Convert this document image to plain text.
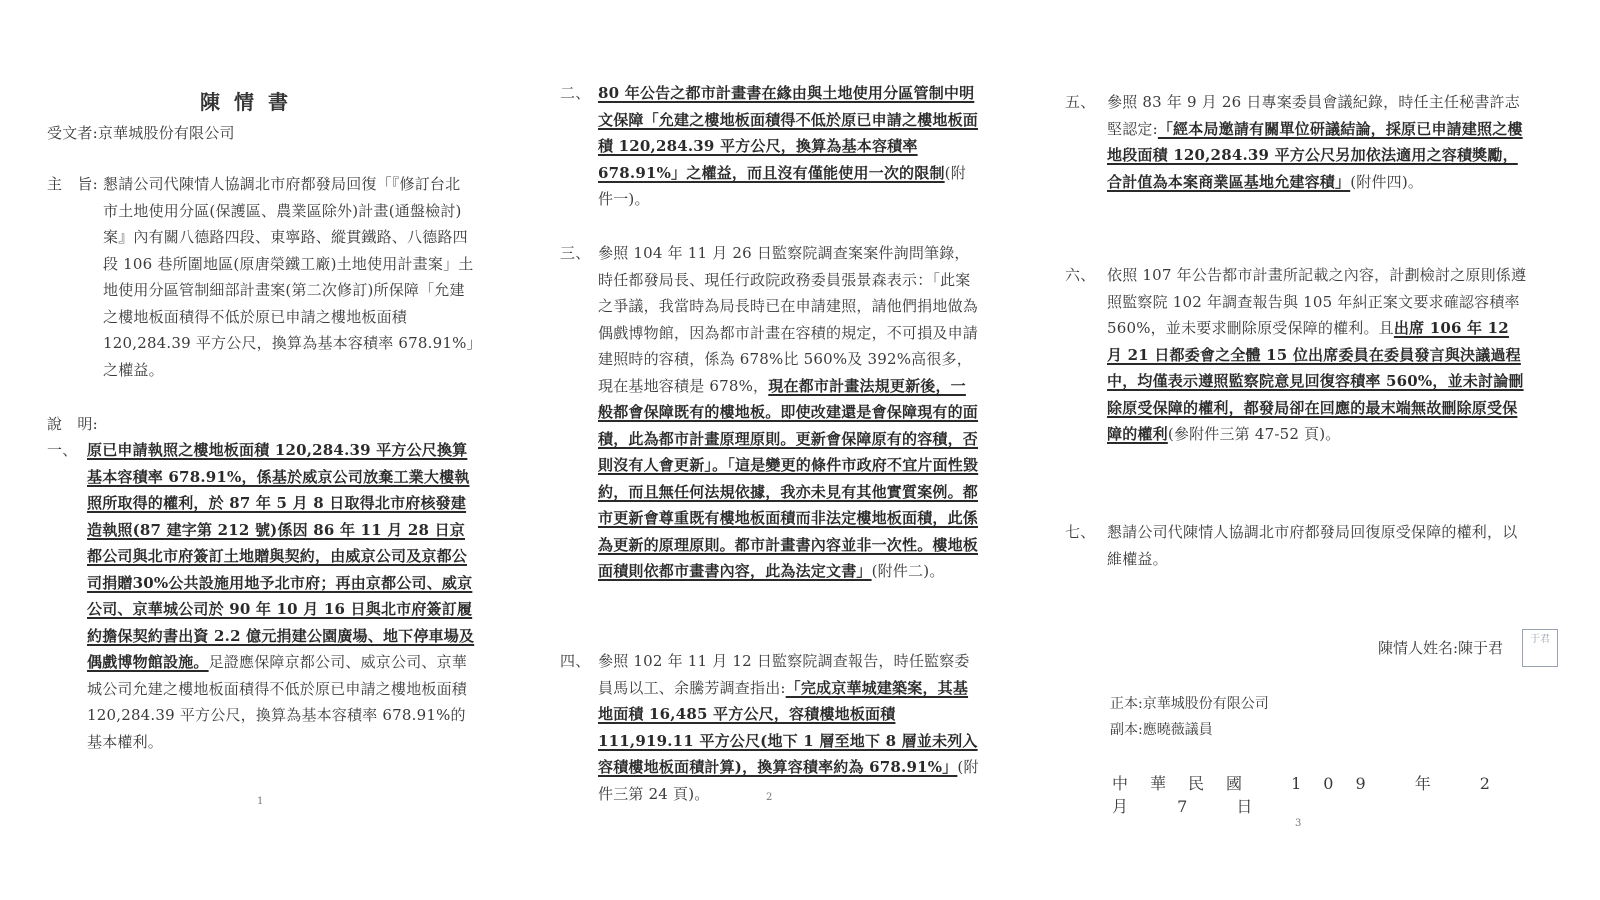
陳情書
受文者:京華城股份有限公司
主　旨: 懇請公司代陳情人協調北市府都發局回復「『修訂台北市土地使用分區(保護區、農業區除外)計畫(通盤檢討)案』內有關八德路四段、東寧路、縱貫鐵路、八德路四段 106 巷所圍地區(原唐榮鐵工廠)土地使用計畫案」土地使用分區管制細部計畫案(第二次修訂)所保障「允建之樓地板面積得不低於原已申請之樓地板面積120,284.39 平方公尺，換算為基本容積率 678.91%」之權益。
說　明:
一、 原已申請執照之樓地板面積 120,284.39 平方公尺換算基本容積率 678.91%，係基於威京公司放棄工業大樓執照所取得的權利，於 87 年 5 月 8 日取得北市府核發建造執照(87 建字第 212 號)係因 86 年 11 月 28 日京都公司與北市府簽訂土地贈與契約，由威京公司及京都公司捐贈30%公共設施用地予北市府；再由京都公司、威京公司、京華城公司於 90 年 10 月 16 日與北市府簽訂履約擔保契約書出資 2.2 億元捐建公園廣場、地下停車場及偶戲博物館設施。足證應保障京都公司、威京公司、京華城公司允建之樓地板面積得不低於原已申請之樓地板面積 120,284.39 平方公尺，換算為基本容積率 678.91%的基本權利。
1
二、 80 年公告之都市計畫書在緣由與土地使用分區管制中明文保障「允建之樓地板面積得不低於原已申請之樓地板面積 120,284.39 平方公尺，換算為基本容積率678.91%」之權益，而且沒有僅能使用一次的限制(附件一)。
三、 參照 104 年 11 月 26 日監察院調查案案件詢問筆錄，時任都發局長、現任行政院政務委員張景森表示：「此案之爭議，我當時為局長時已在申請建照，請他們捐地做為偶戲博物館，因為都市計畫在容積的規定，不可損及申請建照時的容積，係為 678%比 560%及 392%高很多，現在基地容積是 678%，現在都市計畫法規更新後，一般都會保障既有的樓地板。即使改建還是會保障現有的面積，此為都市計畫原理原則。更新會保障原有的容積，否則沒有人會更新」。「這是變更的條件市政府不宜片面性毀約，而且無任何法規依據，我亦未見有其他實質案例。都市更新會尊重既有樓地板面積而非法定樓地板面積，此係為更新的原理原則。都市計畫書內容並非一次性。樓地板面積則依都市畫書內容，此為法定文書」(附件二)。
四、 參照 102 年 11 月 12 日監察院調查報告，時任監察委員馬以工、余騰芳調查指出:「完成京華城建築案，其基地面積 16,485 平方公尺，容積樓地板面積 111,919.11 平方公尺(地下 1 層至地下 8 層並未列入容積樓地板面積計算)，換算容積率約為 678.91%」(附件三第 24 頁)。	2
五、 參照 83 年 9 月 26 日專案委員會議紀錄，時任主任秘書許志堅認定:「經本局邀請有關單位研議結論，採原已申請建照之樓地段面積 120,284.39 平方公尺另加依法適用之容積獎勵，合計值為本案商業區基地允建容積」(附件四)。
六、 依照 107 年公告都市計畫所記載之內容，計劃檢討之原則係遵照監察院 102 年調查報告與 105 年糾正案文要求確認容積率 560%，並未要求刪除原受保障的權利。且出席 106 年 12 月 21 日都委會之全體 15 位出席委員在委員發言與決議過程中，均僅表示遵照監察院意見回復容積率 560%，並未討論刪除原受保障的權利，都發局卻在回應的最末端無故刪除原受保障的權利(參附件三第 47-52 頁)。
七、 懇請公司代陳情人協調北市府都發局回復原受保障的權利，以維權益。
陳情人姓名:陳于君	于君
正本:京華城股份有限公司
副本:應曉薇議員
中華民國 109 年 2 月 7 日
3
